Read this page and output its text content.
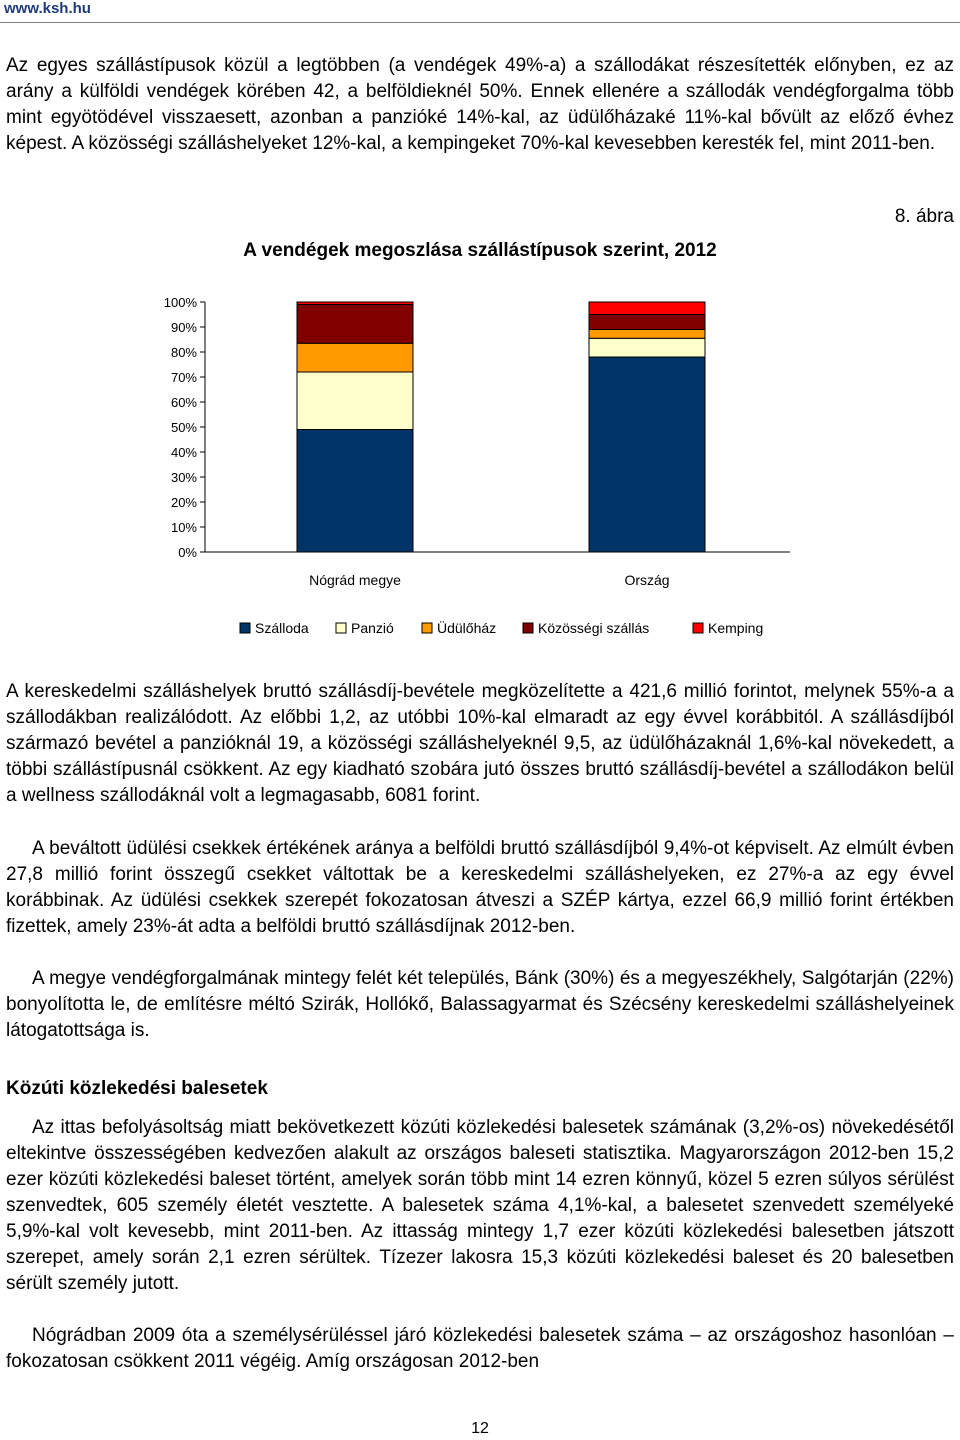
www.ksh.hu

Az egyes szállástípusok közül a legtöbben (a vendégek 49%-a) a szállodákat részesítették előnyben, ez az arány a külföldi vendégek körében 42, a belföldieknél 50%. Ennek ellenére a szállodák vendégforgalma több mint egyötödével visszaesett, azonban a panzióké 14%-kal, az üdülőházaké 11%-kal bővült az előző évhez képest. A közösségi szálláshelyeket 12%-kal, a kempingeket 70%-kal kevesebben keresték fel, mint 2011-ben.

8. ábra
A vendégek megoszlása szállástípusok szerint, 2012
0%
10%
20%
30%
40%
50%
60%
70%
80%
90%
100%
Nógrád megye	Ország
Szálloda	Panzió	Üdülőház	Közösségi szállás	Kemping

A kereskedelmi szálláshelyek bruttó szállásdíj-bevétele megközelítette a 421,6 millió forintot, melynek 55%-a a szállodákban realizálódott. Az előbbi 1,2, az utóbbi 10%-kal elmaradt az egy évvel korábbitól. A szállásdíjból származó bevétel a panzióknál 19, a közösségi szálláshelyeknél 9,5, az üdülőházaknál 1,6%-kal növekedett, a többi szállástípusnál csökkent. Az egy kiadható szobára jutó összes bruttó szállásdíj-bevétel a szállodákon belül a wellness szállodáknál volt a legmagasabb, 6081 forint.

A beváltott üdülési csekkek értékének aránya a belföldi bruttó szállásdíjból 9,4%-ot képviselt. Az elmúlt évben 27,8 millió forint összegű csekket váltottak be a kereskedelmi szálláshelyeken, ez 27%-a az egy évvel korábbinak. Az üdülési csekkek szerepét fokozatosan átveszi a SZÉP kártya, ezzel 66,9 millió forint értékben fizettek, amely 23%-át adta a belföldi bruttó szállásdíjnak 2012-ben.

A megye vendégforgalmának mintegy felét két település, Bánk (30%) és a megyeszékhely, Salgótarján (22%) bonyolította le, de említésre méltó Szirák, Hollókő, Balassagyarmat és Szécsény kereskedelmi szálláshelyeinek látogatottsága is.

Közúti közlekedési balesetek

Az ittas befolyásoltság miatt bekövetkezett közúti közlekedési balesetek számának (3,2%-os) növekedésétől eltekintve összességében kedvezően alakult az országos baleseti statisztika. Magyarországon 2012-ben 15,2 ezer közúti közlekedési baleset történt, amelyek során több mint 14 ezren könnyű, közel 5 ezren súlyos sérülést szenvedtek, 605 személy életét vesztette. A balesetek száma 4,1%-kal, a balesetet szenvedett személyeké 5,9%-kal volt kevesebb, mint 2011-ben. Az ittasság mintegy 1,7 ezer közúti közlekedési balesetben játszott szerepet, amely során 2,1 ezren sérültek. Tízezer lakosra 15,3 közúti közlekedési baleset és 20 balesetben sérült személy jutott.

Nógrádban 2009 óta a személysérüléssel járó közlekedési balesetek száma – az országoshoz hasonlóan – fokozatosan csökkent 2011 végéig. Amíg országosan 2012-ben

12
